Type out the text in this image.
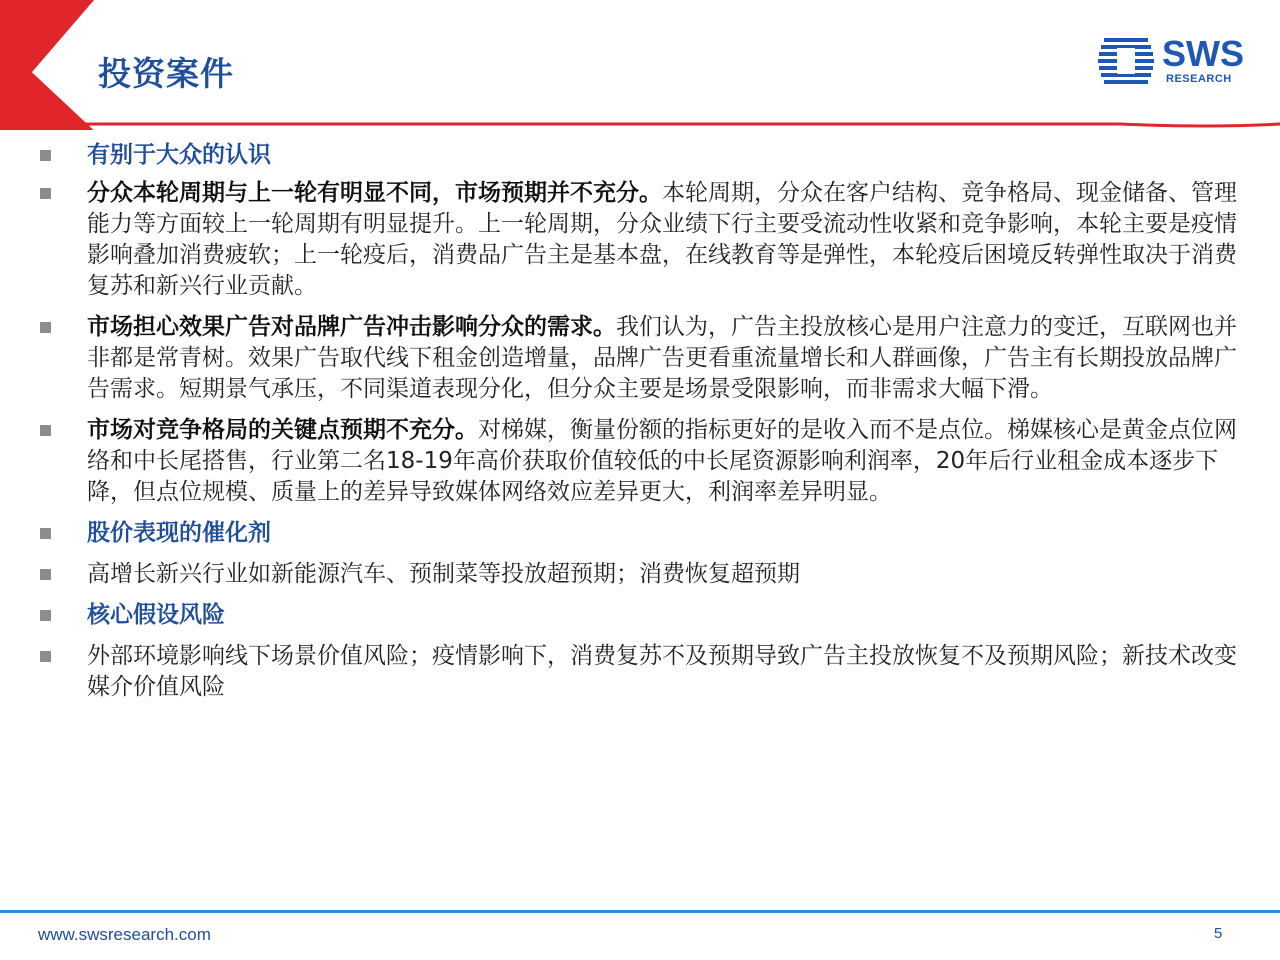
投资案件	SWS
RESEARCH
有别于大众的认识
分众本轮周期与上一轮有明显不同，市场预期并不充分。本轮周期，分众在客户结构、竞争格局、现金储备、管理能力等方面较上一轮周期有明显提升。上一轮周期，分众业绩下行主要受流动性收紧和竞争影响，本轮主要是疫情影响叠加消费疲软；上一轮疫后，消费品广告主是基本盘，在线教育等是弹性，本轮疫后困境反转弹性取决于消费复苏和新兴行业贡献。
市场担心效果广告对品牌广告冲击影响分众的需求。我们认为，广告主投放核心是用户注意力的变迁，互联网也并非都是常青树。效果广告取代线下租金创造增量，品牌广告更看重流量增长和人群画像，广告主有长期投放品牌广告需求。短期景气承压，不同渠道表现分化，但分众主要是场景受限影响，而非需求大幅下滑。
市场对竞争格局的关键点预期不充分。对梯媒，衡量份额的指标更好的是收入而不是点位。梯媒核心是黄金点位网络和中长尾搭售，行业第二名18-19年高价获取价值较低的中长尾资源影响利润率，20年后行业租金成本逐步下降，但点位规模、质量上的差异导致媒体网络效应差异更大，利润率差异明显。
股价表现的催化剂
高增长新兴行业如新能源汽车、预制菜等投放超预期；消费恢复超预期
核心假设风险
外部环境影响线下场景价值风险；疫情影响下，消费复苏不及预期导致广告主投放恢复不及预期风险；新技术改变媒介价值风险
www.swsresearch.com	5
